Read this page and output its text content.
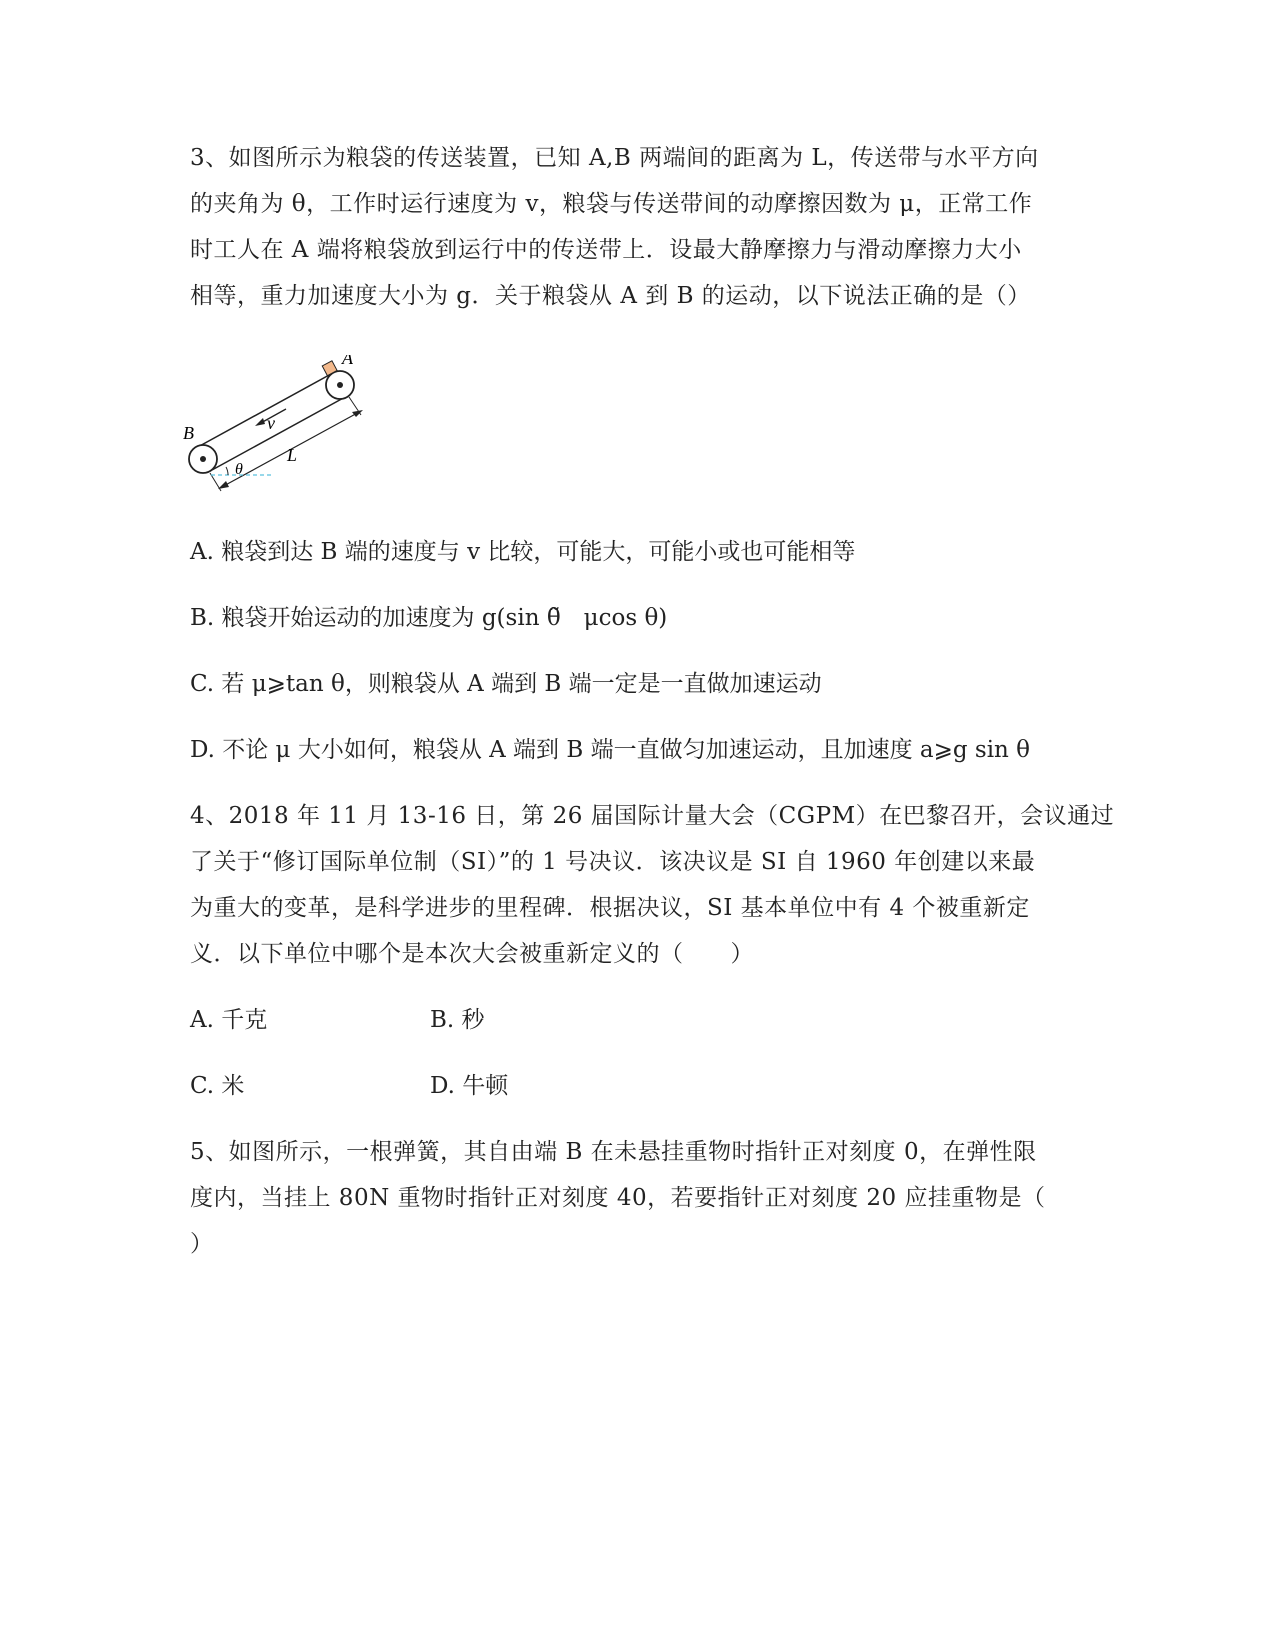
3、如图所示为粮袋的传送装置，已知 A,B 两端间的距离为 L，传送带与水平方向
的夹角为 θ，工作时运行速度为 v，粮袋与传送带间的动摩擦因数为 μ，正常工作
时工人在 A 端将粮袋放到运行中的传送带上．设最大静摩擦力与滑动摩擦力大小
相等，重力加速度大小为 g．关于粮袋从 A 到 B 的运动，以下说法正确的是（）
A
B	v
L
θ
A. 粮袋到达 B 端的速度与 v 比较，可能大，可能小或也可能相等
B. 粮袋开始运动的加速度为 g(sin θ̃　μcos θ)
C. 若 μ⩾tan θ，则粮袋从 A 端到 B 端一定是一直做加速运动
D. 不论 μ 大小如何，粮袋从 A 端到 B 端一直做匀加速运动，且加速度 a⩾g sin θ
4、2018 年 11 月 13-16 日，第 26 届国际计量大会（CGPM）在巴黎召开，会议通过
了关于“修订国际单位制（SI）”的 1 号决议．该决议是 SI 自 1960 年创建以来最
为重大的变革，是科学进步的里程碑．根据决议，SI 基本单位中有 4 个被重新定
义．以下单位中哪个是本次大会被重新定义的（　　）
A. 千克	B. 秒
C. 米	D. 牛顿
5、如图所示，一根弹簧，其自由端 B 在未悬挂重物时指针正对刻度 0，在弹性限
度内，当挂上 80N 重物时指针正对刻度 40，若要指针正对刻度 20 应挂重物是（
）
